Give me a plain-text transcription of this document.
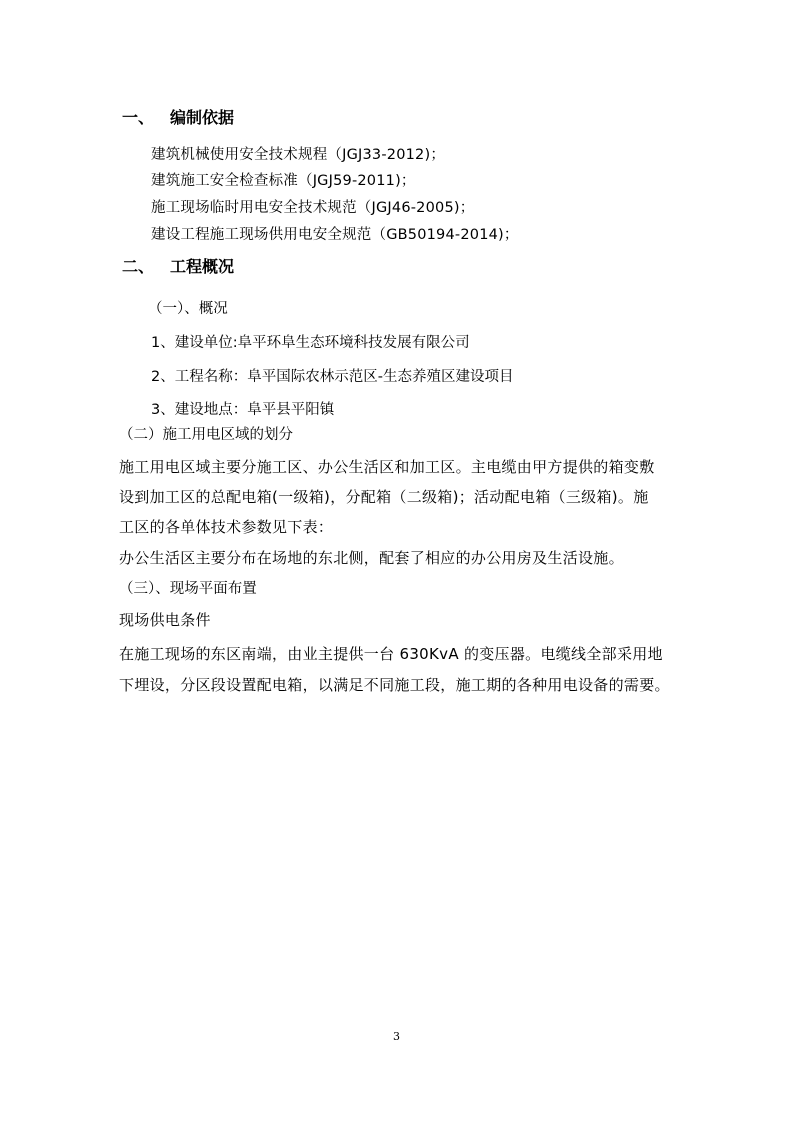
一、 编制依据
建筑机械使用安全技术规程（JGJ33-2012)；
建筑施工安全检查标准（JGJ59-2011)；
施工现场临时用电安全技术规范（JGJ46-2005)；
建设工程施工现场供用电安全规范（GB50194-2014)；
二、 工程概况
（一）、概况
1、建设单位:阜平环阜生态环境科技发展有限公司
2、工程名称：阜平国际农林示范区-生态养殖区建设项目
3、建设地点：阜平县平阳镇
（二）施工用电区域的划分
施工用电区域主要分施工区、办公生活区和加工区。主电缆由甲方提供的箱变敷
设到加工区的总配电箱(一级箱)，分配箱（二级箱)；活动配电箱（三级箱)。施
工区的各单体技术参数见下表：
办公生活区主要分布在场地的东北侧，配套了相应的办公用房及生活设施。
（三）、现场平面布置
现场供电条件
在施工现场的东区南端，由业主提供一台 630KvA 的变压器。电缆线全部采用地
下埋设，分区段设置配电箱，以满足不同施工段，施工期的各种用电设备的需要。
3
